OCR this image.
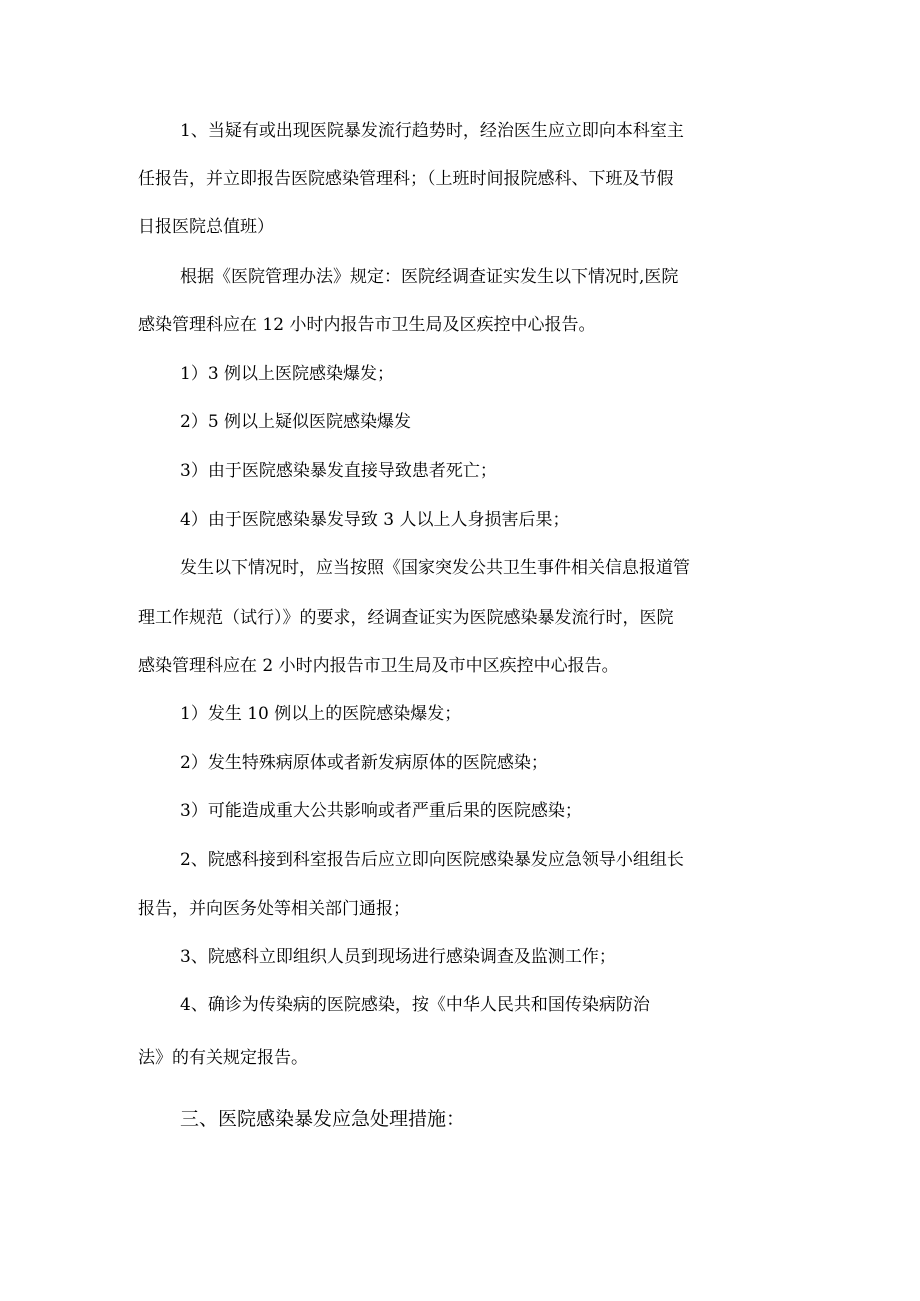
1、当疑有或出现医院暴发流行趋势时，经治医生应立即向本科室主

任报告，并立即报告医院感染管理科；（上班时间报院感科、下班及节假

日报医院总值班）

根据《医院管理办法》规定：医院经调查证实发生以下情况时,医院

感染管理科应在 12 小时内报告市卫生局及区疾控中心报告。

1）3 例以上医院感染爆发；

2）5 例以上疑似医院感染爆发

3）由于医院感染暴发直接导致患者死亡；

4）由于医院感染暴发导致 3 人以上人身损害后果；

发生以下情况时，应当按照《国家突发公共卫生事件相关信息报道管

理工作规范（试行）》的要求，经调查证实为医院感染暴发流行时，医院

感染管理科应在 2 小时内报告市卫生局及市中区疾控中心报告。

1）发生 10 例以上的医院感染爆发；

2）发生特殊病原体或者新发病原体的医院感染；

3）可能造成重大公共影响或者严重后果的医院感染；

2、院感科接到科室报告后应立即向医院感染暴发应急领导小组组长

报告，并向医务处等相关部门通报；

3、院感科立即组织人员到现场进行感染调查及监测工作；

4、确诊为传染病的医院感染，按《中华人民共和国传染病防治

法》的有关规定报告。

三、医院感染暴发应急处理措施：
